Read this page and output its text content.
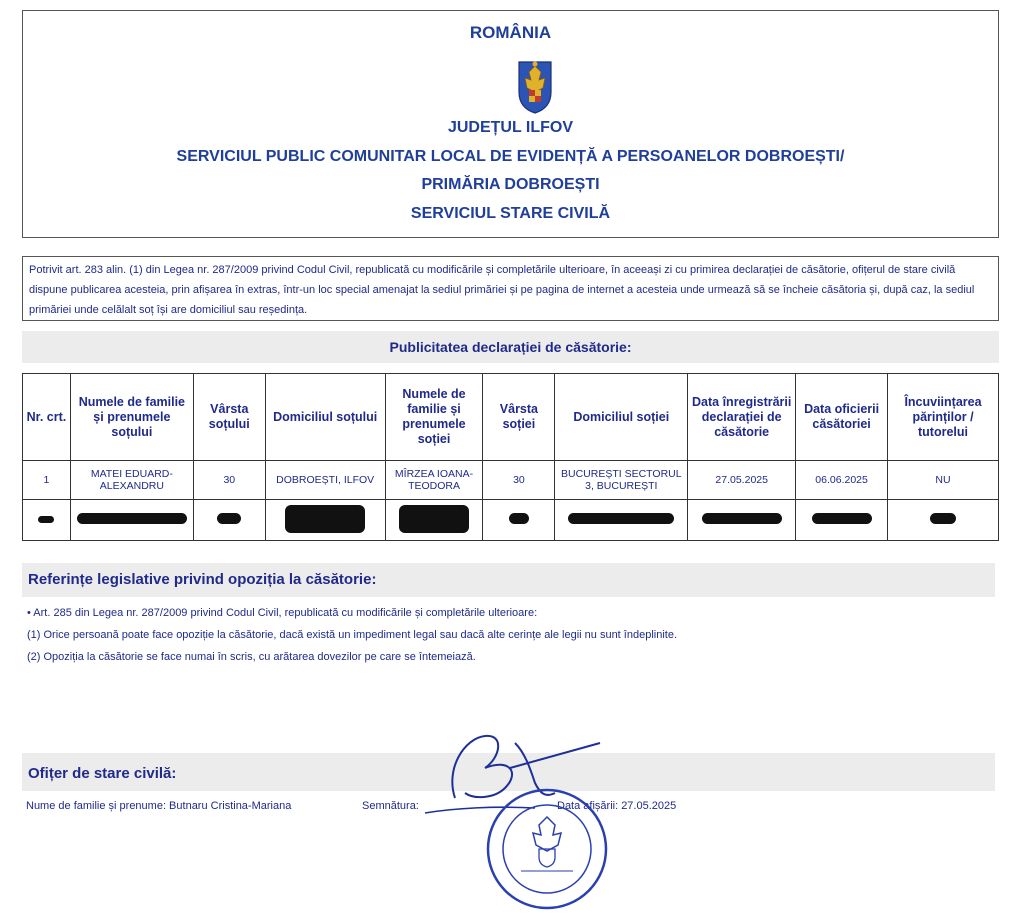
ROMÂNIA
JUDEȚUL ILFOV
SERVICIUL PUBLIC COMUNITAR LOCAL DE EVIDENȚĂ A PERSOANELOR DOBROEȘTI/
PRIMĂRIA DOBROEȘTI
SERVICIUL STARE CIVILĂ
Potrivit art. 283 alin. (1) din Legea nr. 287/2009 privind Codul Civil, republicată cu modificările și completările ulterioare, în aceeași zi cu primirea declarației de căsătorie, ofițerul de stare civilă dispune publicarea acesteia, prin afișarea în extras, într-un loc special amenajat la sediul primăriei și pe pagina de internet a acesteia unde urmează să se încheie căsătoria și, după caz, la sediul primăriei unde celălalt soț își are domiciliul sau reședința.
Publicitatea declarației de căsătorie:
Nr. crt.	Numele de familie și prenumele soțului	Vârsta soțului	Domiciliul soțului	Numele de familie și prenumele soției	Vârsta soției	Domiciliul soției	Data înregistrării declarației de căsătorie	Data oficierii căsătoriei	Încuviințarea părinților / tutorelui
1	MATEI EDUARD-ALEXANDRU	30	DOBROEȘTI, ILFOV	MÎRZEA IOANA-TEODORA	30	BUCUREȘTI SECTORUL 3, BUCUREȘTI	27.05.2025	06.06.2025	NU

Referințe legislative privind opoziția la căsătorie:
• Art. 285 din Legea nr. 287/2009 privind Codul Civil, republicată cu modificările și completările ulterioare:
(1) Orice persoană poate face opoziție la căsătorie, dacă există un impediment legal sau dacă alte cerințe ale legii nu sunt îndeplinite.
(2) Opoziția la căsătorie se face numai în scris, cu arătarea dovezilor pe care se întemeiază.
Ofițer de stare civilă:
Nume de familie și prenume: Butnaru Cristina-Mariana	Semnătura:	Data afișării: 27.05.2025
